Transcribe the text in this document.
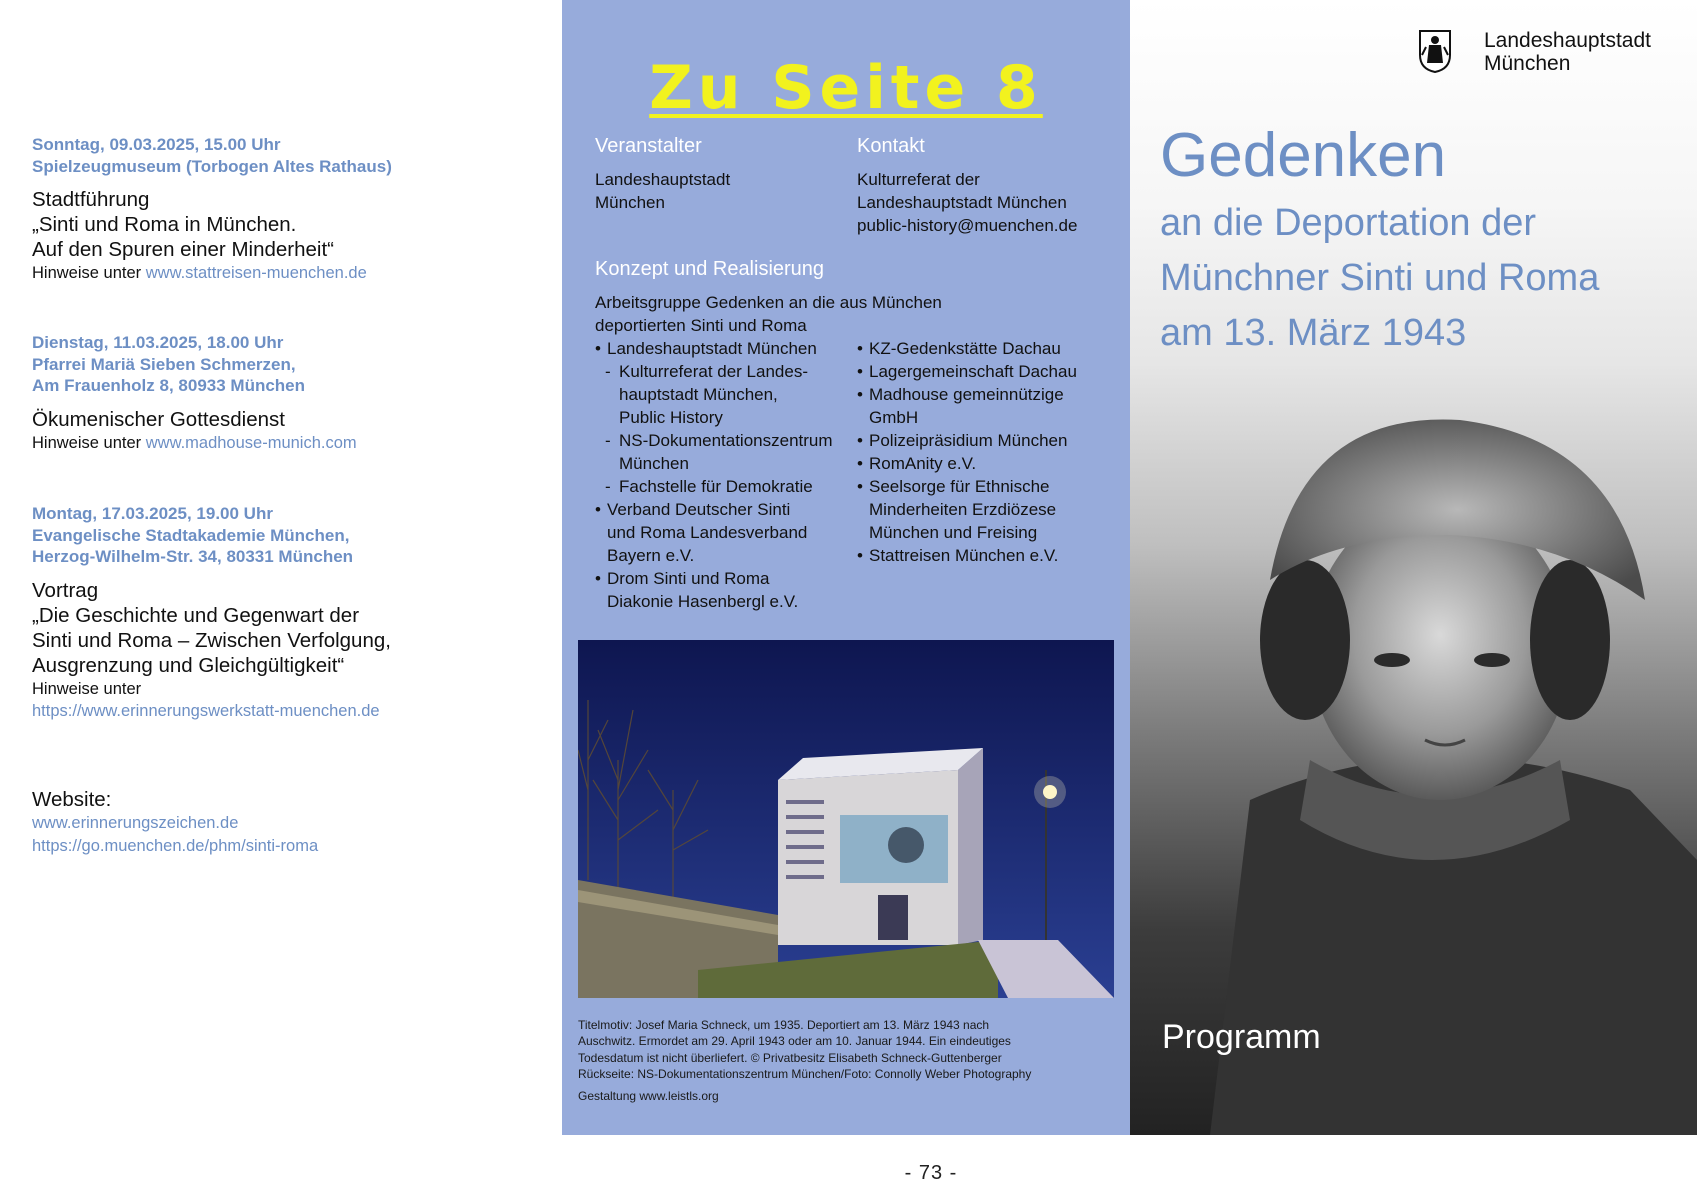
Sonntag, 09.03.2025, 15.00 Uhr
Spielzeugmuseum (Torbogen Altes Rathaus)
Stadtführung
„Sinti und Roma in München.
Auf den Spuren einer Minderheit“
Hinweise unter www.stattreisen-muenchen.de
Dienstag, 11.03.2025, 18.00 Uhr
Pfarrei Mariä Sieben Schmerzen,
Am Frauenholz 8, 80933 München
Ökumenischer Gottesdienst
Hinweise unter www.madhouse-munich.com
Montag, 17.03.2025, 19.00 Uhr
Evangelische Stadtakademie München,
Herzog-Wilhelm-Str. 34, 80331 München
Vortrag
„Die Geschichte und Gegenwart der
Sinti und Roma – Zwischen Verfolgung,
Ausgrenzung und Gleichgültigkeit“
Hinweise unter
https://www.erinnerungswerkstatt-muenchen.de
Website:
www.erinnerungszeichen.de
https://go.muenchen.de/phm/sinti-roma
Zu Seite 8
Veranstalter
Landeshauptstadt
München
Kontakt
Kulturreferat der
Landeshauptstadt München
public-history@muenchen.de
Konzept und Realisierung
Arbeitsgruppe Gedenken an die aus München
deportierten Sinti und Roma
• Landeshauptstadt München
- Kulturreferat der Landes-
hauptstadt München,
Public History
- NS-Dokumentationszentrum
München
- Fachstelle für Demokratie
• Verband Deutscher Sinti
und Roma Landesverband
Bayern e.V.
• Drom Sinti und Roma
Diakonie Hasenbergl e.V.
• KZ-Gedenkstätte Dachau
• Lagergemeinschaft Dachau
• Madhouse gemeinnützige
GmbH
• Polizeipräsidium München
• RomAnity e.V.
• Seelsorge für Ethnische
Minderheiten Erzdiözese
München und Freising
• Stattreisen München e.V.
Titelmotiv: Josef Maria Schneck, um 1935. Deportiert am 13. März 1943 nach
Auschwitz. Ermordet am 29. April 1943 oder am 10. Januar 1944. Ein eindeutiges
Todesdatum ist nicht überliefert. © Privatbesitz Elisabeth Schneck-Guttenberger
Rückseite: NS-Dokumentationszentrum München/Foto: Connolly Weber Photography
Gestaltung www.leistls.org
Landeshauptstadt
München
Gedenken
an die Deportation der
Münchner Sinti und Roma
am 13. März 1943
Programm
- 73 -
